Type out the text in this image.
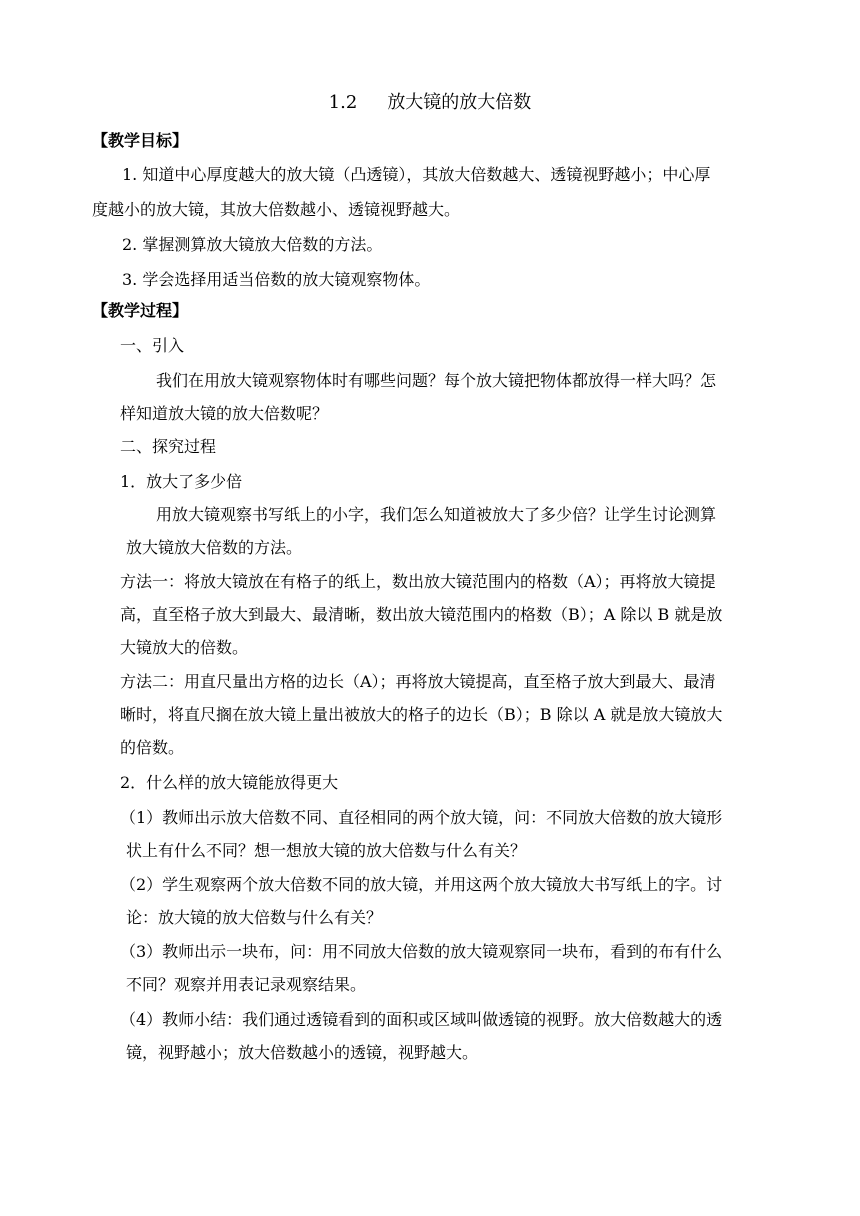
1.2 放大镜的放大倍数
【教学目标】
1. 知道中心厚度越大的放大镜（凸透镜），其放大倍数越大、透镜视野越小；中心厚
度越小的放大镜，其放大倍数越小、透镜视野越大。
2. 掌握测算放大镜放大倍数的方法。
3. 学会选择用适当倍数的放大镜观察物体。
【教学过程】
一、引入
我们在用放大镜观察物体时有哪些问题？每个放大镜把物体都放得一样大吗？怎
样知道放大镜的放大倍数呢？
二、探究过程
1．放大了多少倍
用放大镜观察书写纸上的小字，我们怎么知道被放大了多少倍？让学生讨论测算
放大镜放大倍数的方法。
方法一：将放大镜放在有格子的纸上，数出放大镜范围内的格数（A）；再将放大镜提
高，直至格子放大到最大、最清晰，数出放大镜范围内的格数（B）；A 除以 B 就是放
大镜放大的倍数。
方法二：用直尺量出方格的边长（A）；再将放大镜提高，直至格子放大到最大、最清
晰时，将直尺搁在放大镜上量出被放大的格子的边长（B）；B 除以 A 就是放大镜放大
的倍数。
2．什么样的放大镜能放得更大
（1）教师出示放大倍数不同、直径相同的两个放大镜，问：不同放大倍数的放大镜形
状上有什么不同？想一想放大镜的放大倍数与什么有关？
（2）学生观察两个放大倍数不同的放大镜，并用这两个放大镜放大书写纸上的字。讨
论：放大镜的放大倍数与什么有关？
（3）教师出示一块布，问：用不同放大倍数的放大镜观察同一块布，看到的布有什么
不同？观察并用表记录观察结果。
（4）教师小结：我们通过透镜看到的面积或区域叫做透镜的视野。放大倍数越大的透
镜，视野越小；放大倍数越小的透镜，视野越大。
